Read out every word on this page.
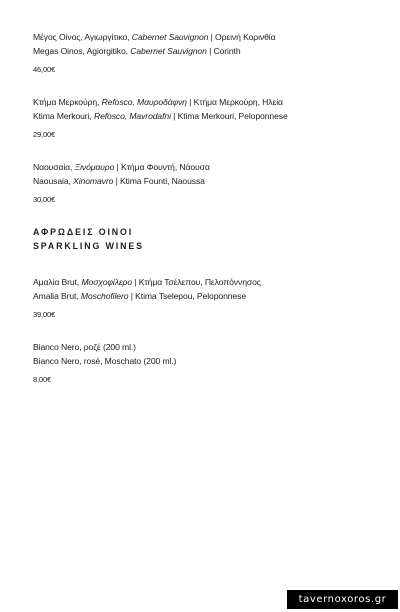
Μέγος Οίνος, Αγιωργίτικο, Cabernet Sauvignon | Ορεινή Κορινθία
Megas Oinos, Agiorgitiko, Cabernet Sauvignon | Corinth
46,00€
Κτήμα Μερκούρη, Refosco, Μαυροδάφνη | Κτήμα Μερκούρη, Ηλεία
Ktima Merkouri, Refosco, Mavrodafni | Ktima Merkouri, Peloponnese
29,00€
Ναουσαία, Ξινόμαυρο | Κτήμα Φουντή, Νάουσα
Naousaia, Xinomavro | Ktima Founti, Naoussa
30,00€
ΑΦΡΩΔΕΙΣ ΟΙΝΟΙ
SPARKLING WINES
Αμαλία Brut, Μοσχοφίλερο | Κτήμα Τσέλεπου, Πελοπόννησος
Amalia Brut, Moschofilero | Ktima Tselepou, Peloponnese
39,00€
Bianco Nero, ροζέ (200 ml.)
Bianco Nero, rosé, Moschato (200 ml.)
8,00€
tavernoxoros.gr
